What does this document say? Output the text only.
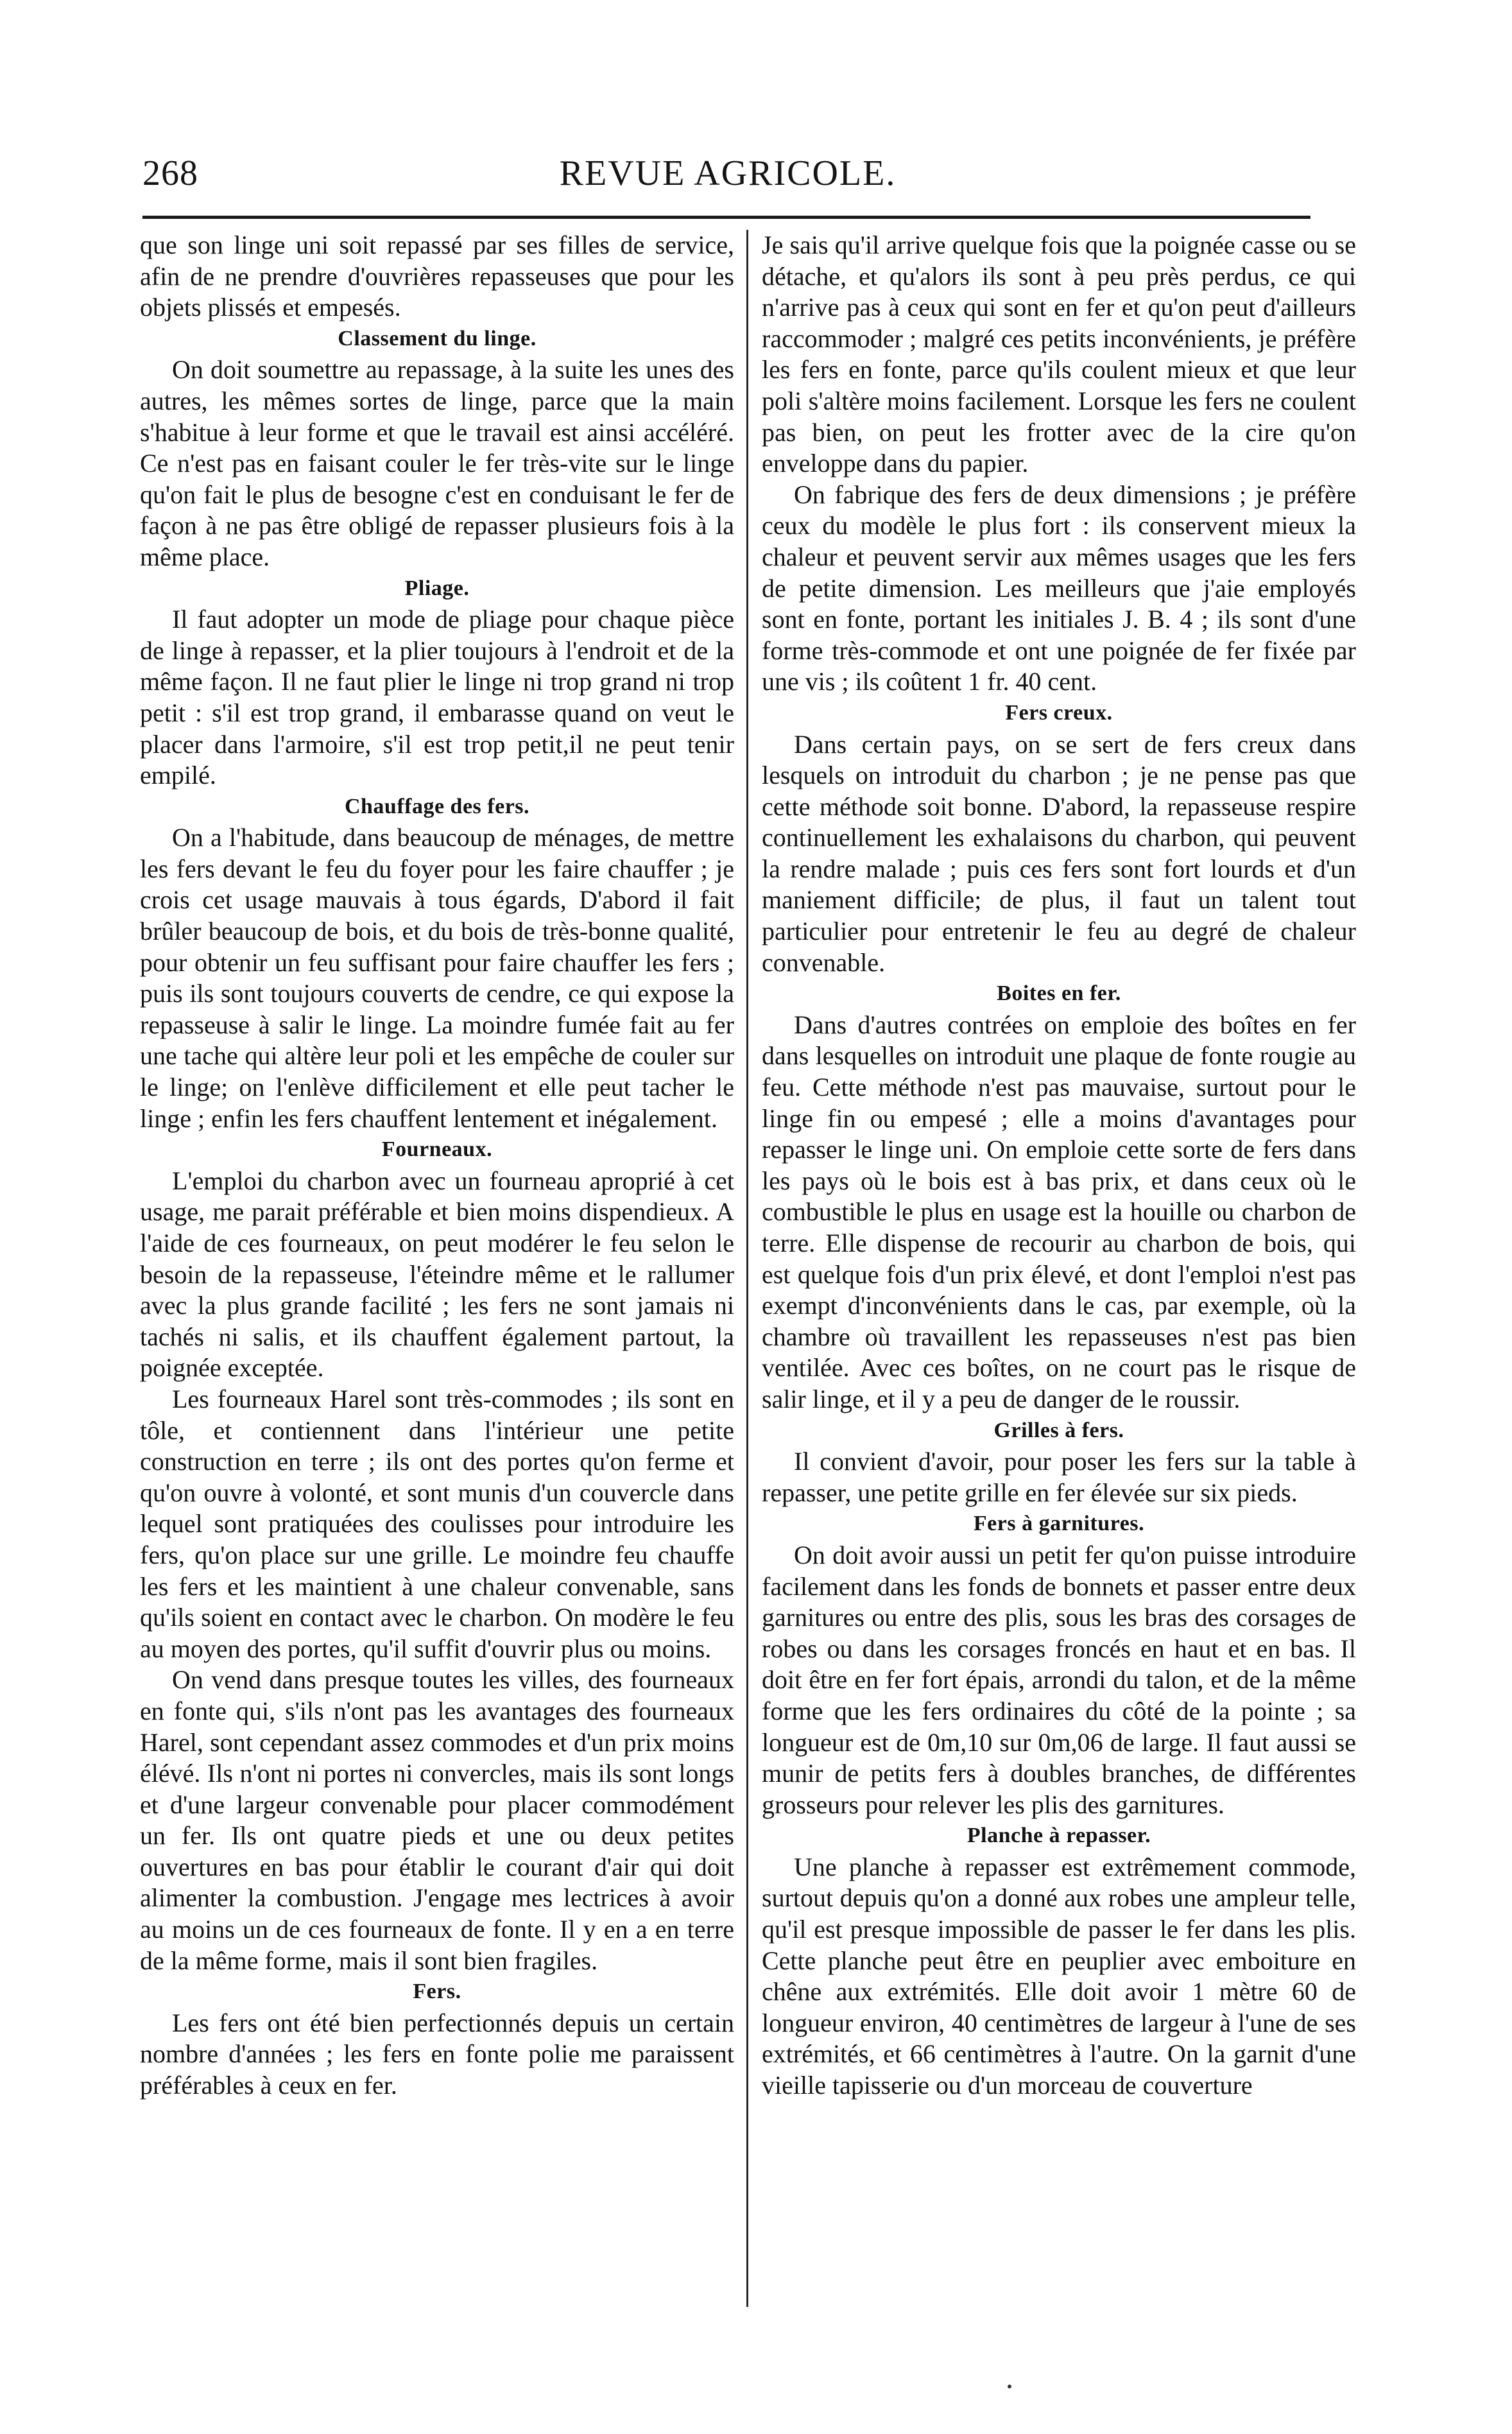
268	REVUE AGRICOLE.

que son linge uni soit repassé par ses filles de service, afin de ne prendre d'ouvrières repasseuses que pour les objets plissés et empesés.

Classement du linge.

On doit soumettre au repassage, à la suite les unes des autres, les mêmes sortes de linge, parce que la main s'habitue à leur forme et que le travail est ainsi accéléré. Ce n'est pas en faisant couler le fer très-vite sur le linge qu'on fait le plus de besogne c'est en conduisant le fer de façon à ne pas être obligé de repasser plusieurs fois à la même place.

Pliage.

Il faut adopter un mode de pliage pour chaque pièce de linge à repasser, et la plier toujours à l'endroit et de la même façon. Il ne faut plier le linge ni trop grand ni trop petit : s'il est trop grand, il embarasse quand on veut le placer dans l'armoire, s'il est trop petit,il ne peut tenir empilé.

Chauffage des fers.

On a l'habitude, dans beaucoup de ménages, de mettre les fers devant le feu du foyer pour les faire chauffer ; je crois cet usage mauvais à tous égards, D'abord il fait brûler beaucoup de bois, et du bois de très-bonne qualité, pour obtenir un feu suffisant pour faire chauffer les fers ; puis ils sont toujours couverts de cendre, ce qui expose la repasseuse à salir le linge. La moindre fumée fait au fer une tache qui altère leur poli et les empêche de couler sur le linge; on l'enlève difficilement et elle peut tacher le linge ; enfin les fers chauffent lentement et inégalement.

Fourneaux.

L'emploi du charbon avec un fourneau aproprié à cet usage, me parait préférable et bien moins dispendieux. A l'aide de ces fourneaux, on peut modérer le feu selon le besoin de la repasseuse, l'éteindre même et le rallumer avec la plus grande facilité ; les fers ne sont jamais ni tachés ni salis, et ils chauffent également partout, la poignée exceptée.

Les fourneaux Harel sont très-commodes ; ils sont en tôle, et contiennent dans l'intérieur une petite construction en terre ; ils ont des portes qu'on ferme et qu'on ouvre à volonté, et sont munis d'un couvercle dans lequel sont pratiquées des coulisses pour introduire les fers, qu'on place sur une grille. Le moindre feu chauffe les fers et les maintient à une chaleur convenable, sans qu'ils soient en contact avec le charbon. On modère le feu au moyen des portes, qu'il suffit d'ouvrir plus ou moins.

On vend dans presque toutes les villes, des fourneaux en fonte qui, s'ils n'ont pas les avantages des fourneaux Harel, sont cependant assez commodes et d'un prix moins élévé. Ils n'ont ni portes ni convercles, mais ils sont longs et d'une largeur convenable pour placer commodément un fer. Ils ont quatre pieds et une ou deux petites ouvertures en bas pour établir le courant d'air qui doit alimenter la combustion. J'engage mes lectrices à avoir au moins un de ces fourneaux de fonte. Il y en a en terre de la même forme, mais il sont bien fragiles.

Fers.

Les fers ont été bien perfectionnés depuis un certain nombre d'années ; les fers en fonte polie me paraissent préférables à ceux en fer.

Je sais qu'il arrive quelque fois que la poignée casse ou se détache, et qu'alors ils sont à peu près perdus, ce qui n'arrive pas à ceux qui sont en fer et qu'on peut d'ailleurs raccommoder ; malgré ces petits inconvénients, je préfère les fers en fonte, parce qu'ils coulent mieux et que leur poli s'altère moins facilement. Lorsque les fers ne coulent pas bien, on peut les frotter avec de la cire qu'on enveloppe dans du papier.

On fabrique des fers de deux dimensions ; je préfère ceux du modèle le plus fort : ils conservent mieux la chaleur et peuvent servir aux mêmes usages que les fers de petite dimension. Les meilleurs que j'aie employés sont en fonte, portant les initiales J. B. 4 ; ils sont d'une forme très-commode et ont une poignée de fer fixée par une vis ; ils coûtent 1 fr. 40 cent.

Fers creux.

Dans certain pays, on se sert de fers creux dans lesquels on introduit du charbon ; je ne pense pas que cette méthode soit bonne. D'abord, la repasseuse respire continuellement les exhalaisons du charbon, qui peuvent la rendre malade ; puis ces fers sont fort lourds et d'un maniement difficile; de plus, il faut un talent tout particulier pour entretenir le feu au degré de chaleur convenable.

Boites en fer.

Dans d'autres contrées on emploie des boîtes en fer dans lesquelles on introduit une plaque de fonte rougie au feu. Cette méthode n'est pas mauvaise, surtout pour le linge fin ou empesé ; elle a moins d'avantages pour repasser le linge uni. On emploie cette sorte de fers dans les pays où le bois est à bas prix, et dans ceux où le combustible le plus en usage est la houille ou charbon de terre. Elle dispense de recourir au charbon de bois, qui est quelque fois d'un prix élevé, et dont l'emploi n'est pas exempt d'inconvénients dans le cas, par exemple, où la chambre où travaillent les repasseuses n'est pas bien ventilée. Avec ces boîtes, on ne court pas le risque de salir linge, et il y a peu de danger de le roussir.

Grilles à fers.

Il convient d'avoir, pour poser les fers sur la table à repasser, une petite grille en fer élevée sur six pieds.

Fers à garnitures.

On doit avoir aussi un petit fer qu'on puisse introduire facilement dans les fonds de bonnets et passer entre deux garnitures ou entre des plis, sous les bras des corsages de robes ou dans les corsages froncés en haut et en bas. Il doit être en fer fort épais, arrondi du talon, et de la même forme que les fers ordinaires du côté de la pointe ; sa longueur est de 0m,10 sur 0m,06 de large. Il faut aussi se munir de petits fers à doubles branches, de différentes grosseurs pour relever les plis des garnitures.

Planche à repasser.

Une planche à repasser est extrêmement commode, surtout depuis qu'on a donné aux robes une ampleur telle, qu'il est presque impossible de passer le fer dans les plis. Cette planche peut être en peuplier avec emboiture en chêne aux extrémités. Elle doit avoir 1 mètre 60 de longueur environ, 40 centimètres de largeur à l'une de ses extrémités, et 66 centimètres à l'autre. On la garnit d'une vieille tapisserie ou d'un morceau de couverture
